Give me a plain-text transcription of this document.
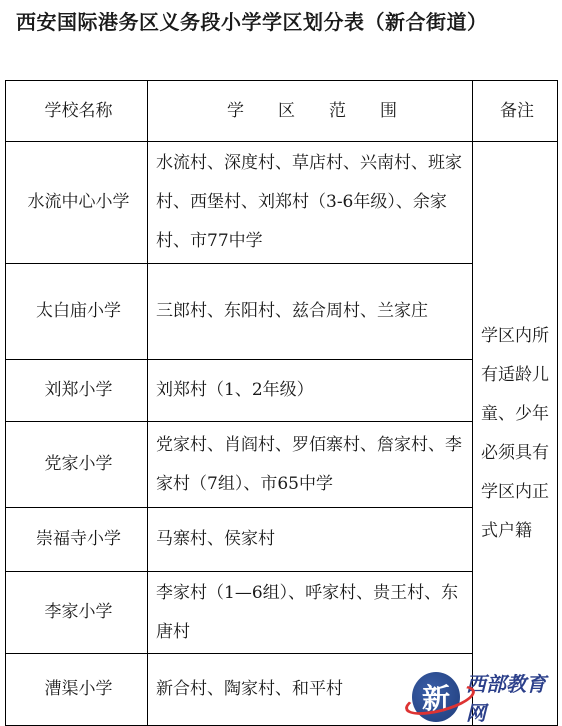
西安国际港务区义务段小学学区划分表（新合街道）
学校名称	学区范围	备注
水流中心小学	水流村、深度村、草店村、兴南村、班家村、西堡村、刘郑村（3-6年级）、余家村、市77中学	学区内所有适龄儿童、少年必须具有学区内正式户籍
太白庙小学	三郎村、东阳村、兹合周村、兰家庄	
刘郑小学	刘郑村（1、2年级）	
党家小学	党家村、肖阎村、罗佰寨村、詹家村、李家村（7组）、市65中学	
崇福寺小学	马寨村、侯家村	
李家小学	李家村（1—6组）、呼家村、贵王村、东唐村	
漕渠小学	新合村、陶家村、和平村		新 西部教育网
